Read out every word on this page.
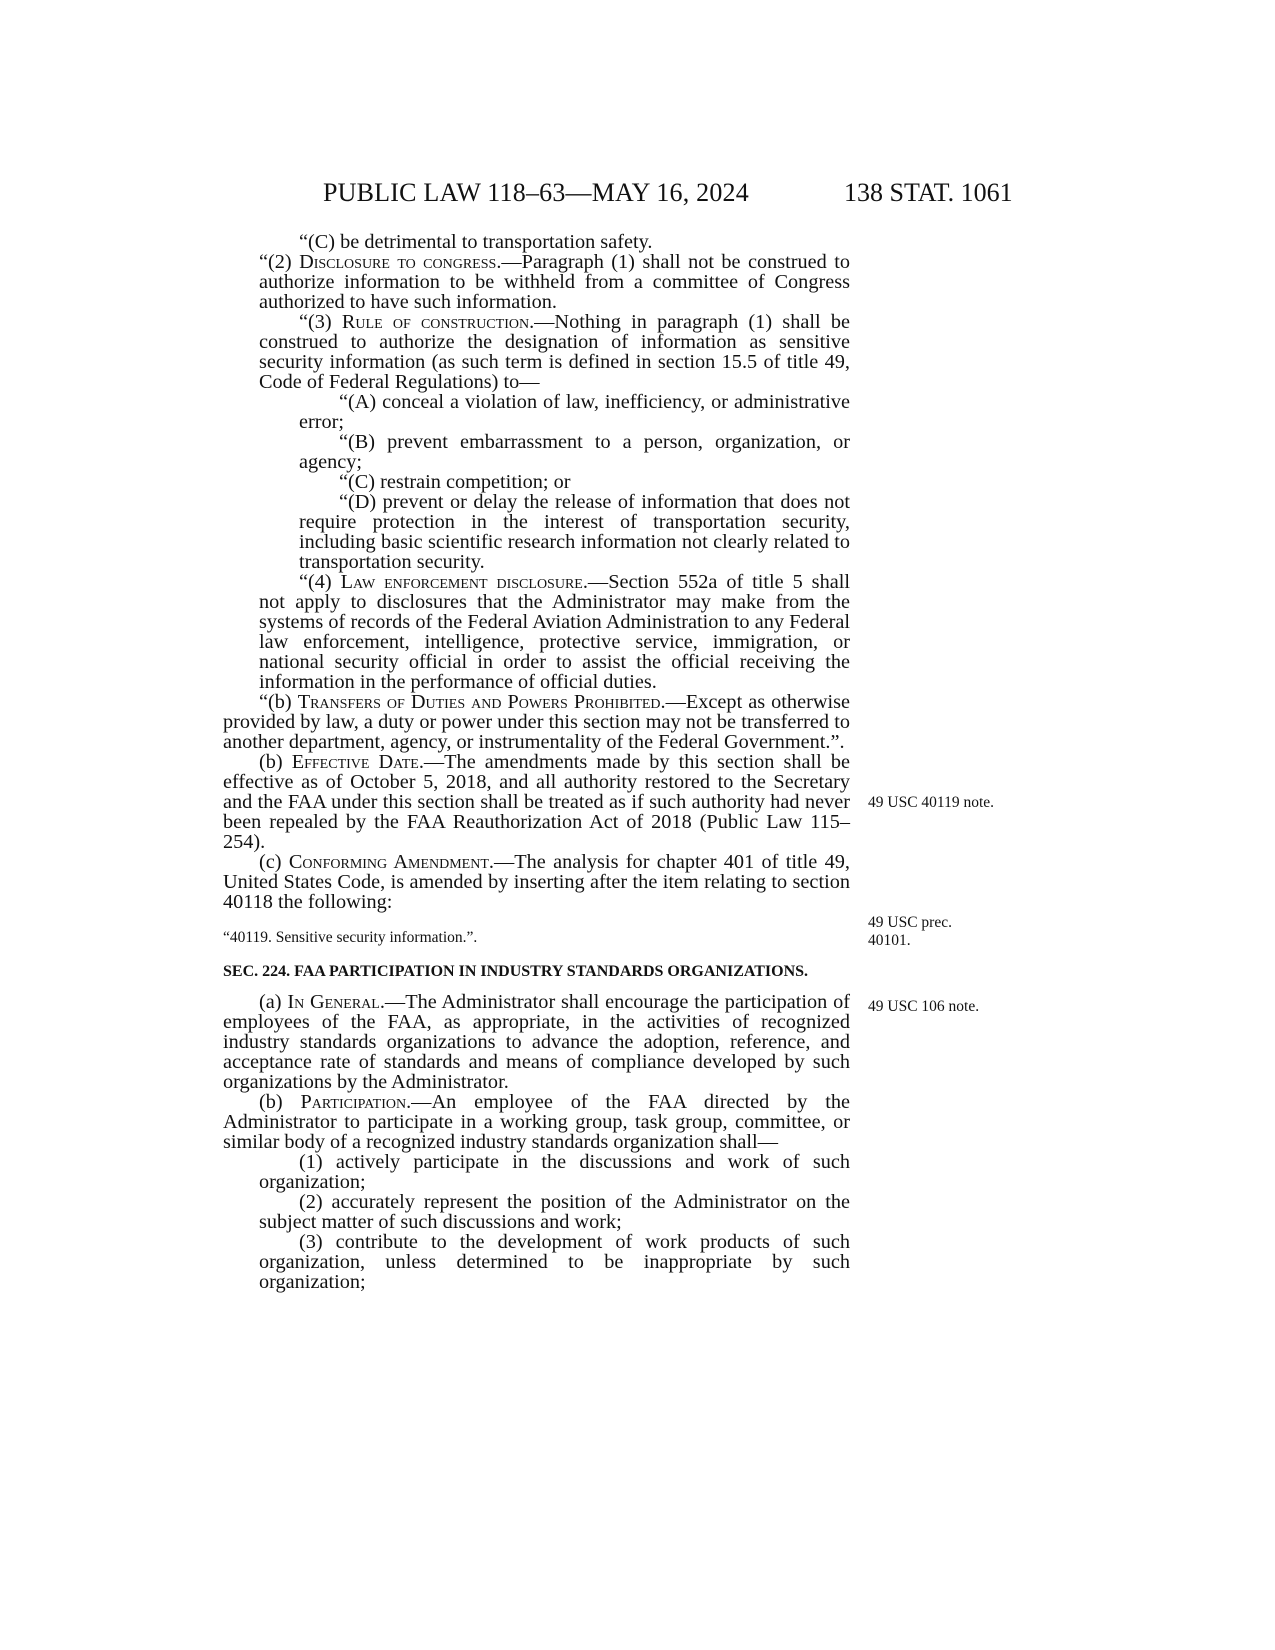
PUBLIC LAW 118–63—MAY 16, 2024	138 STAT. 1061

“(C) be detrimental to transportation safety.

“(2) Disclosure to congress.—Paragraph (1) shall not be construed to authorize information to be withheld from a committee of Congress authorized to have such information.

“(3) Rule of construction.—Nothing in paragraph (1) shall be construed to authorize the designation of information as sensitive security information (as such term is defined in section 15.5 of title 49, Code of Federal Regulations) to—

“(A) conceal a violation of law, inefficiency, or administrative error;

“(B) prevent embarrassment to a person, organization, or agency;

“(C) restrain competition; or

“(D) prevent or delay the release of information that does not require protection in the interest of transportation security, including basic scientific research information not clearly related to transportation security.

“(4) Law enforcement disclosure.—Section 552a of title 5 shall not apply to disclosures that the Administrator may make from the systems of records of the Federal Aviation Administration to any Federal law enforcement, intelligence, protective service, immigration, or national security official in order to assist the official receiving the information in the performance of official duties.

“(b) Transfers of Duties and Powers Prohibited.—Except as otherwise provided by law, a duty or power under this section may not be transferred to another department, agency, or instrumentality of the Federal Government.”.

(b) Effective Date.—The amendments made by this section shall be effective as of October 5, 2018, and all authority restored to the Secretary and the FAA under this section shall be treated as if such authority had never been repealed by the FAA Reauthorization Act of 2018 (Public Law 115–254).

(c) Conforming Amendment.—The analysis for chapter 401 of title 49, United States Code, is amended by inserting after the item relating to section 40118 the following:

“40119. Sensitive security information.”.

SEC. 224. FAA PARTICIPATION IN INDUSTRY STANDARDS ORGANIZATIONS.

(a) In General.—The Administrator shall encourage the participation of employees of the FAA, as appropriate, in the activities of recognized industry standards organizations to advance the adoption, reference, and acceptance rate of standards and means of compliance developed by such organizations by the Administrator.

(b) Participation.—An employee of the FAA directed by the Administrator to participate in a working group, task group, committee, or similar body of a recognized industry standards organization shall—

(1) actively participate in the discussions and work of such organization;

(2) accurately represent the position of the Administrator on the subject matter of such discussions and work;

(3) contribute to the development of work products of such organization, unless determined to be inappropriate by such organization;

49 USC 40119 note.
49 USC prec. 40101.
49 USC 106 note.
